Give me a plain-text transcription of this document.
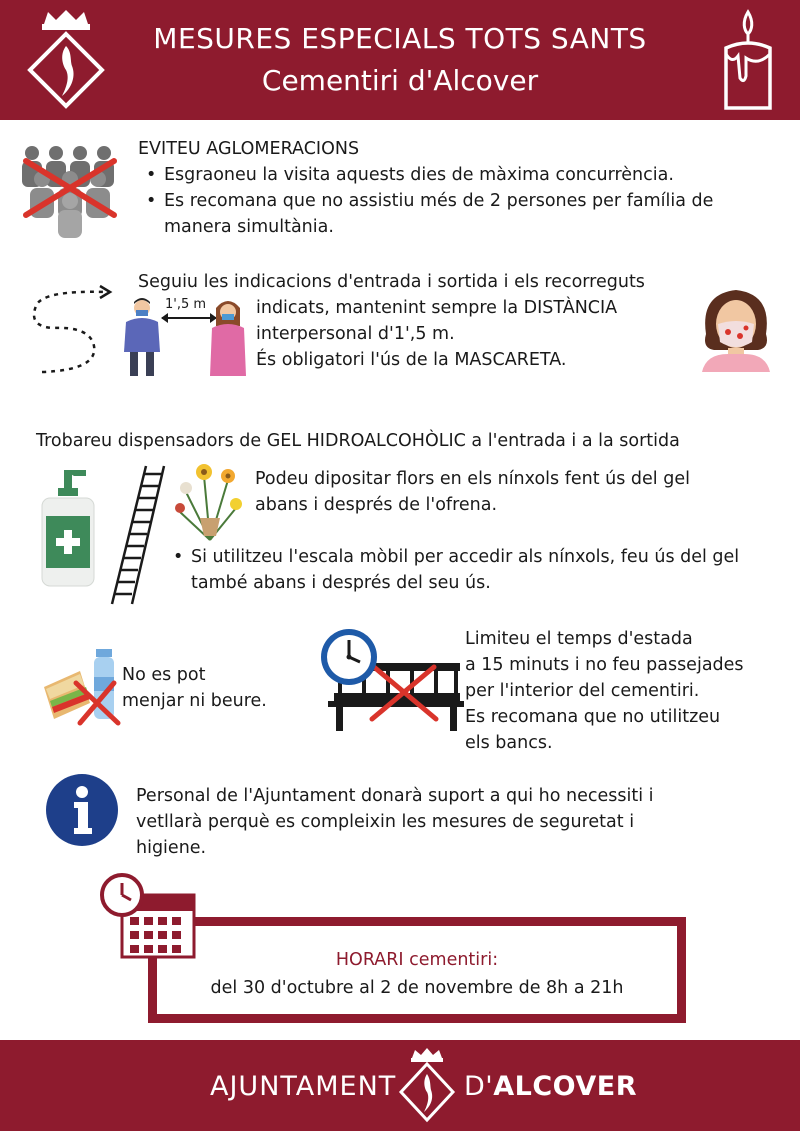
MESURES ESPECIALS TOTS SANTS
Cementiri d'Alcover
EVITEU AGLOMERACIONS
• Esgraoneu la visita aquests dies de màxima concurrència.
• Es recomana que no assistiu més de 2 persones per família de manera simultània.
1',5 m
Seguiu les indicacions d'entrada i sortida i els recorreguts
indicats, mantenint sempre la DISTÀNCIA
interpersonal d'1',5 m.
És obligatori l'ús de la MASCARETA.
Trobareu dispensadors de GEL HIDROALCOHÒLIC a l'entrada i a la sortida
Podeu dipositar flors en els nínxols fent ús del gel
abans i després de l'ofrena.
• Si utilitzeu l'escala mòbil per accedir als nínxols, feu ús del gel també abans i després del seu ús.
No es pot
menjar ni beure.
Limiteu el temps d'estada
a 15 minuts i no feu passejades
per l'interior del cementiri.
Es recomana que no utilitzeu
els bancs.
Personal de l'Ajuntament donarà suport a qui ho necessiti i
vetllarà perquè es compleixin les mesures de seguretat i
higiene.
HORARI cementiri:
del 30 d'octubre al 2 de novembre de 8h a 21h
AJUNTAMENT	D'ALCOVER
